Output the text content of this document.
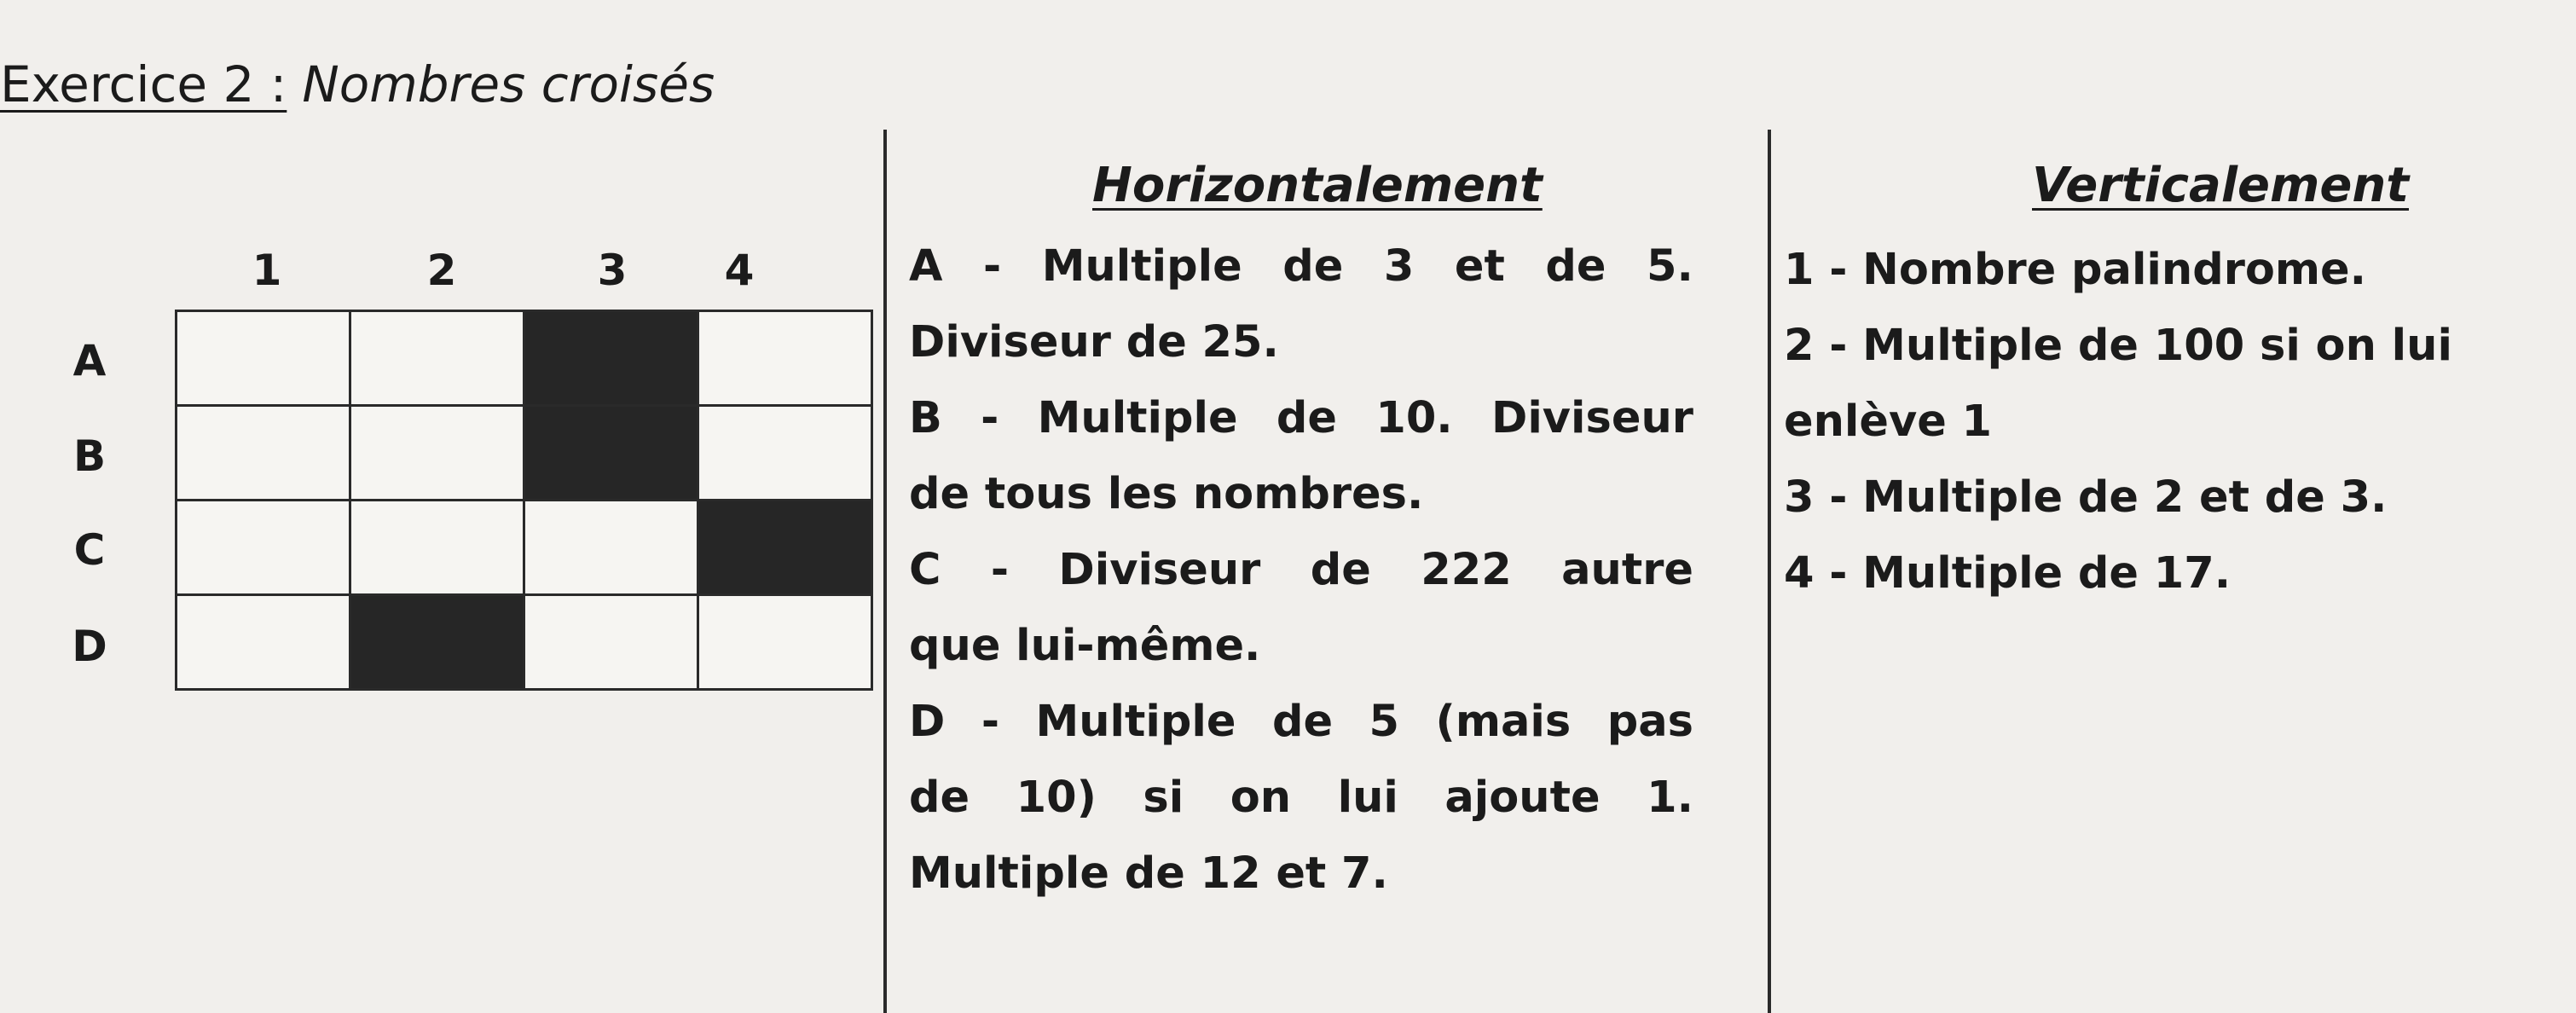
Exercice 2 : Nombres croisés
1	2	3 4
A
B
C
D
Horizontalement
A - Multiple de 3 et de 5.
Diviseur de 25.
B - Multiple de 10. Diviseur
de tous les nombres.
C - Diviseur de 222 autre
que lui-même.
D - Multiple de 5 (mais pas
de 10) si on lui ajoute 1.
Multiple de 12 et 7.
Verticalement
1 - Nombre palindrome.
2 - Multiple de 100 si on lui
enlève 1
3 - Multiple de 2 et de 3.
4 - Multiple de 17.
